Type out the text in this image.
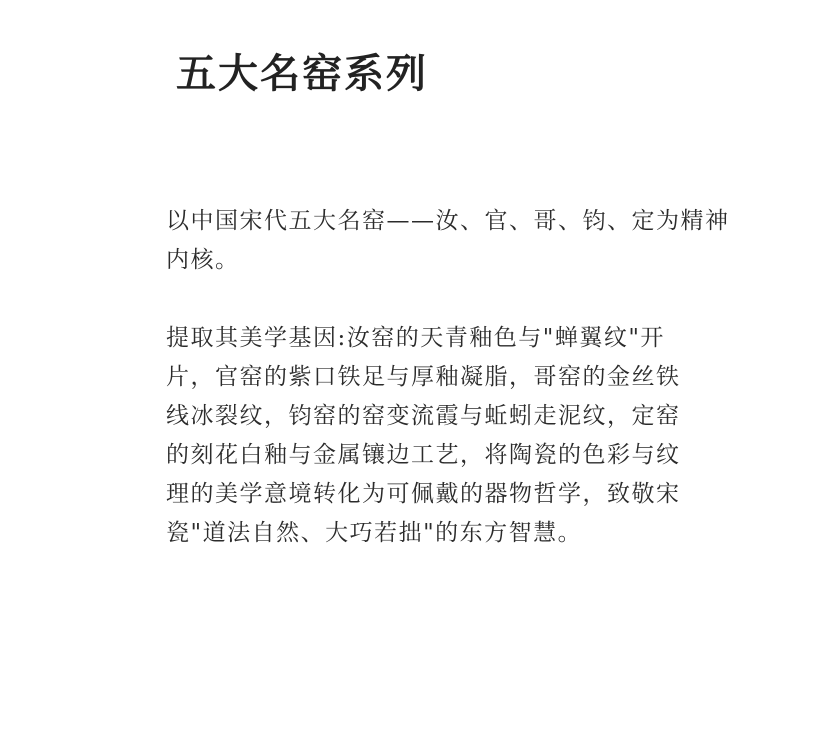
五大名窑系列

以中国宋代五大名窑——汝、官、哥、钧、定为精神
内核。

提取其美学基因:汝窑的天青釉色与"蝉翼纹"开
片，官窑的紫口铁足与厚釉凝脂，哥窑的金丝铁
线冰裂纹，钧窑的窑变流霞与蚯蚓走泥纹，定窑
的刻花白釉与金属镶边工艺，将陶瓷的色彩与纹
理的美学意境转化为可佩戴的器物哲学，致敬宋
瓷"道法自然、大巧若拙"的东方智慧。
